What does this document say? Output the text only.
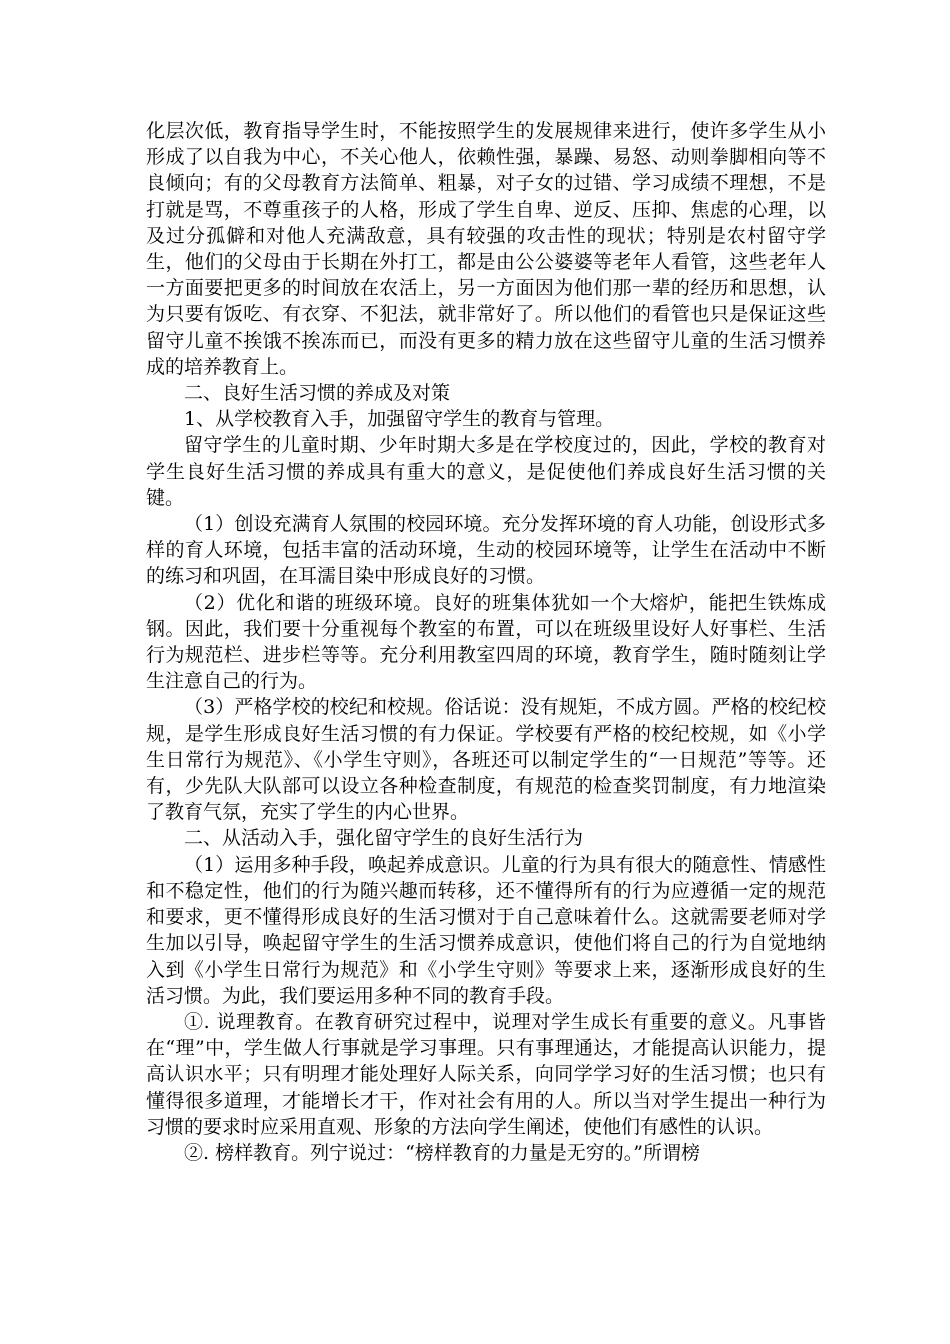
化层次低，教育指导学生时，不能按照学生的发展规律来进行，使许多学生从小形成了以自我为中心，不关心他人，依赖性强，暴躁、易怒、动则拳脚相向等不良倾向；有的父母教育方法简单、粗暴，对子女的过错、学习成绩不理想，不是打就是骂，不尊重孩子的人格，形成了学生自卑、逆反、压抑、焦虑的心理，以及过分孤僻和对他人充满敌意，具有较强的攻击性的现状；特别是农村留守学生，他们的父母由于长期在外打工，都是由公公婆婆等老年人看管，这些老年人一方面要把更多的时间放在农活上，另一方面因为他们那一辈的经历和思想，认为只要有饭吃、有衣穿、不犯法，就非常好了。所以他们的看管也只是保证这些留守儿童不挨饿不挨冻而已，而没有更多的精力放在这些留守儿童的生活习惯养成的培养教育上。

二、良好生活习惯的养成及对策

1、从学校教育入手，加强留守学生的教育与管理。

留守学生的儿童时期、少年时期大多是在学校度过的，因此，学校的教育对学生良好生活习惯的养成具有重大的意义，是促使他们养成良好生活习惯的关键。

（1）创设充满育人氛围的校园环境。充分发挥环境的育人功能，创设形式多样的育人环境，包括丰富的活动环境，生动的校园环境等，让学生在活动中不断的练习和巩固，在耳濡目染中形成良好的习惯。

（2）优化和谐的班级环境。良好的班集体犹如一个大熔炉，能把生铁炼成钢。因此，我们要十分重视每个教室的布置，可以在班级里设好人好事栏、生活行为规范栏、进步栏等等。充分利用教室四周的环境，教育学生，随时随刻让学生注意自己的行为。

（3）严格学校的校纪和校规。俗话说：没有规矩，不成方圆。严格的校纪校规，是学生形成良好生活习惯的有力保证。学校要有严格的校纪校规，如《小学生日常行为规范》、《小学生守则》，各班还可以制定学生的“一日规范”等等。还有，少先队大队部可以设立各种检查制度，有规范的检查奖罚制度，有力地渲染了教育气氛，充实了学生的内心世界。

二、从活动入手，强化留守学生的良好生活行为

（1）运用多种手段，唤起养成意识。儿童的行为具有很大的随意性、情感性和不稳定性，他们的行为随兴趣而转移，还不懂得所有的行为应遵循一定的规范和要求，更不懂得形成良好的生活习惯对于自己意味着什么。这就需要老师对学生加以引导，唤起留守学生的生活习惯养成意识，使他们将自己的行为自觉地纳入到《小学生日常行为规范》和《小学生守则》等要求上来，逐渐形成良好的生活习惯。为此，我们要运用多种不同的教育手段。

①. 说理教育。在教育研究过程中，说理对学生成长有重要的意义。凡事皆在“理”中，学生做人行事就是学习事理。只有事理通达，才能提高认识能力，提高认识水平；只有明理才能处理好人际关系，向同学学习好的生活习惯；也只有懂得很多道理，才能增长才干，作对社会有用的人。所以当对学生提出一种行为习惯的要求时应采用直观、形象的方法向学生阐述，使他们有感性的认识。

②. 榜样教育。列宁说过：“榜样教育的力量是无穷的。”所谓榜
